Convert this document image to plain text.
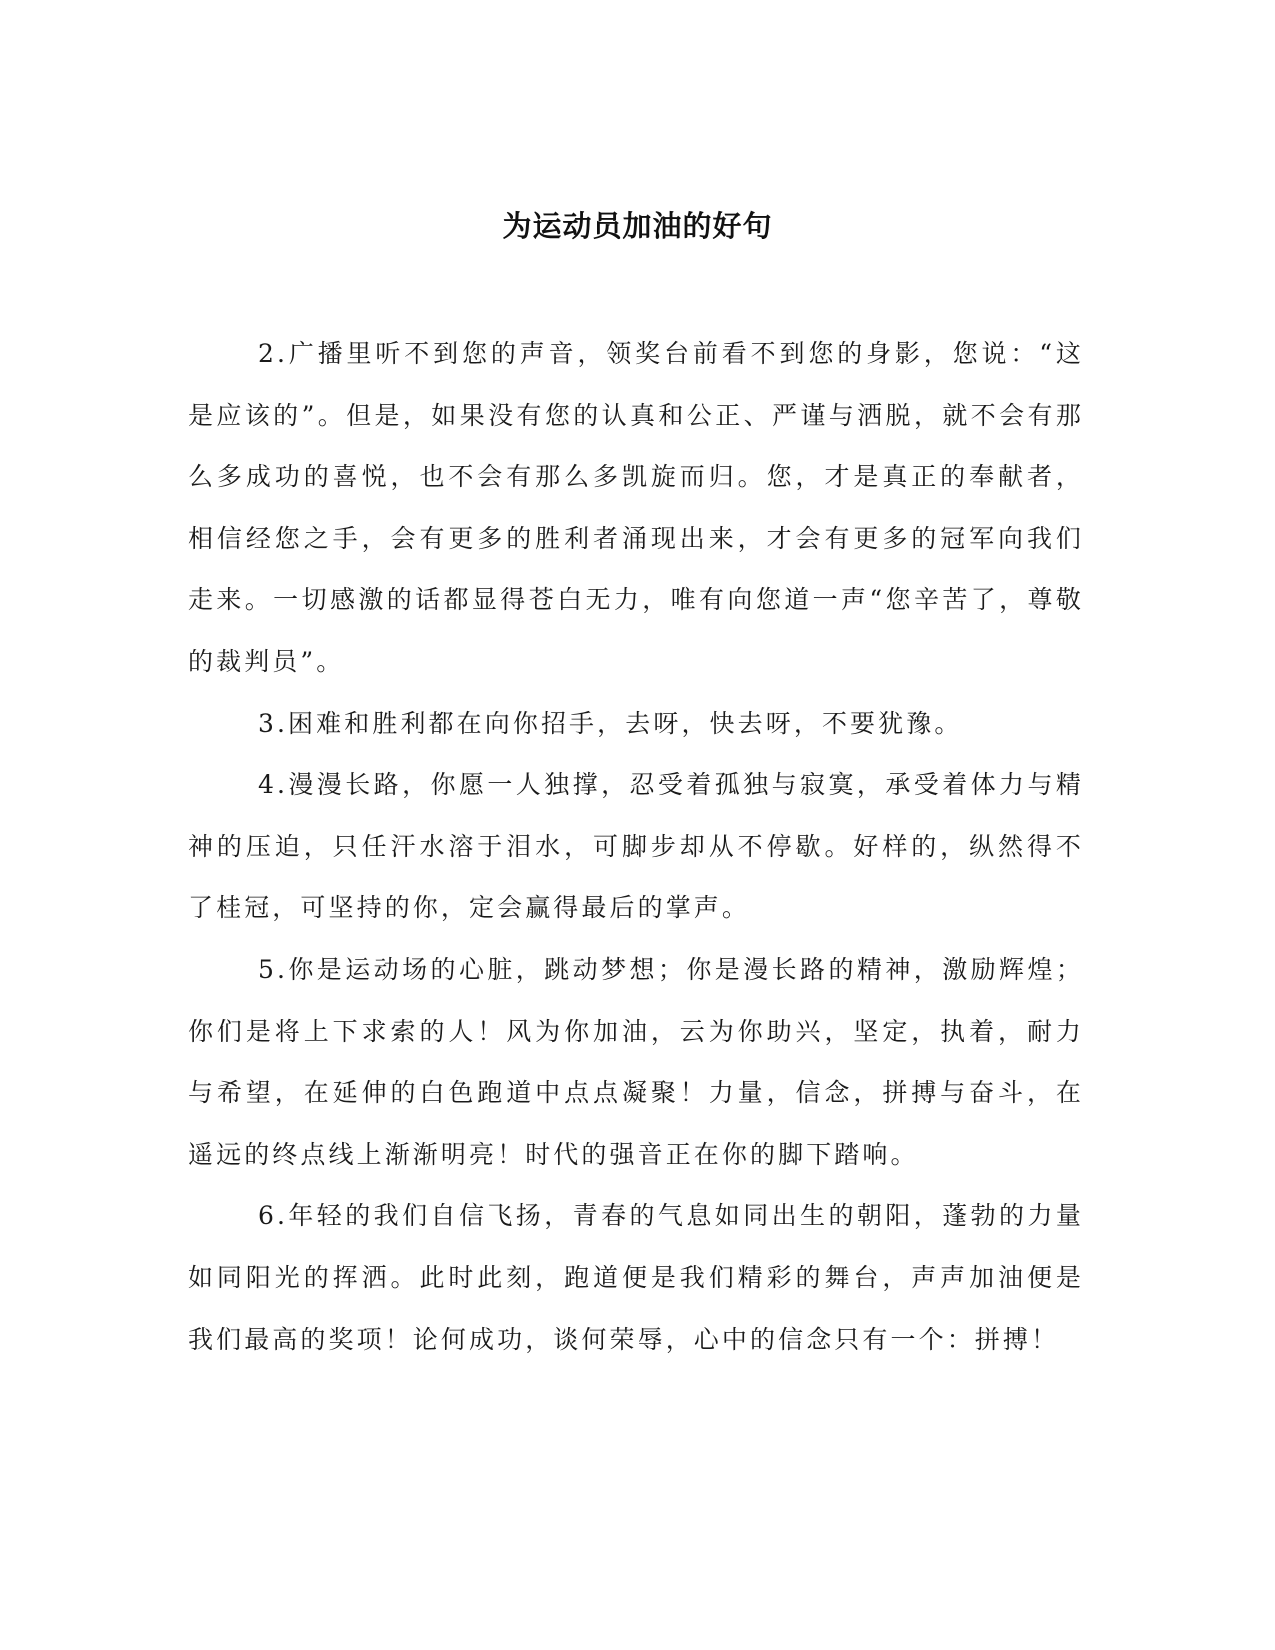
为运动员加油的好句

2.广播里听不到您的声音，领奖台前看不到您的身影，您说：“这是应该的”。但是，如果没有您的认真和公正、严谨与洒脱，就不会有那么多成功的喜悦，也不会有那么多凯旋而归。您，才是真正的奉献者，相信经您之手，会有更多的胜利者涌现出来，才会有更多的冠军向我们走来。一切感激的话都显得苍白无力，唯有向您道一声“您辛苦了，尊敬的裁判员”。

3.困难和胜利都在向你招手，去呀，快去呀，不要犹豫。

4.漫漫长路，你愿一人独撑，忍受着孤独与寂寞，承受着体力与精神的压迫，只任汗水溶于泪水，可脚步却从不停歇。好样的，纵然得不了桂冠，可坚持的你，定会赢得最后的掌声。

5.你是运动场的心脏，跳动梦想；你是漫长路的精神，激励辉煌；你们是将上下求索的人！风为你加油，云为你助兴，坚定，执着，耐力与希望，在延伸的白色跑道中点点凝聚！力量，信念，拼搏与奋斗，在遥远的终点线上渐渐明亮！时代的强音正在你的脚下踏响。

6.年轻的我们自信飞扬，青春的气息如同出生的朝阳，蓬勃的力量如同阳光的挥洒。此时此刻，跑道便是我们精彩的舞台，声声加油便是我们最高的奖项！论何成功，谈何荣辱，心中的信念只有一个：拼搏！
